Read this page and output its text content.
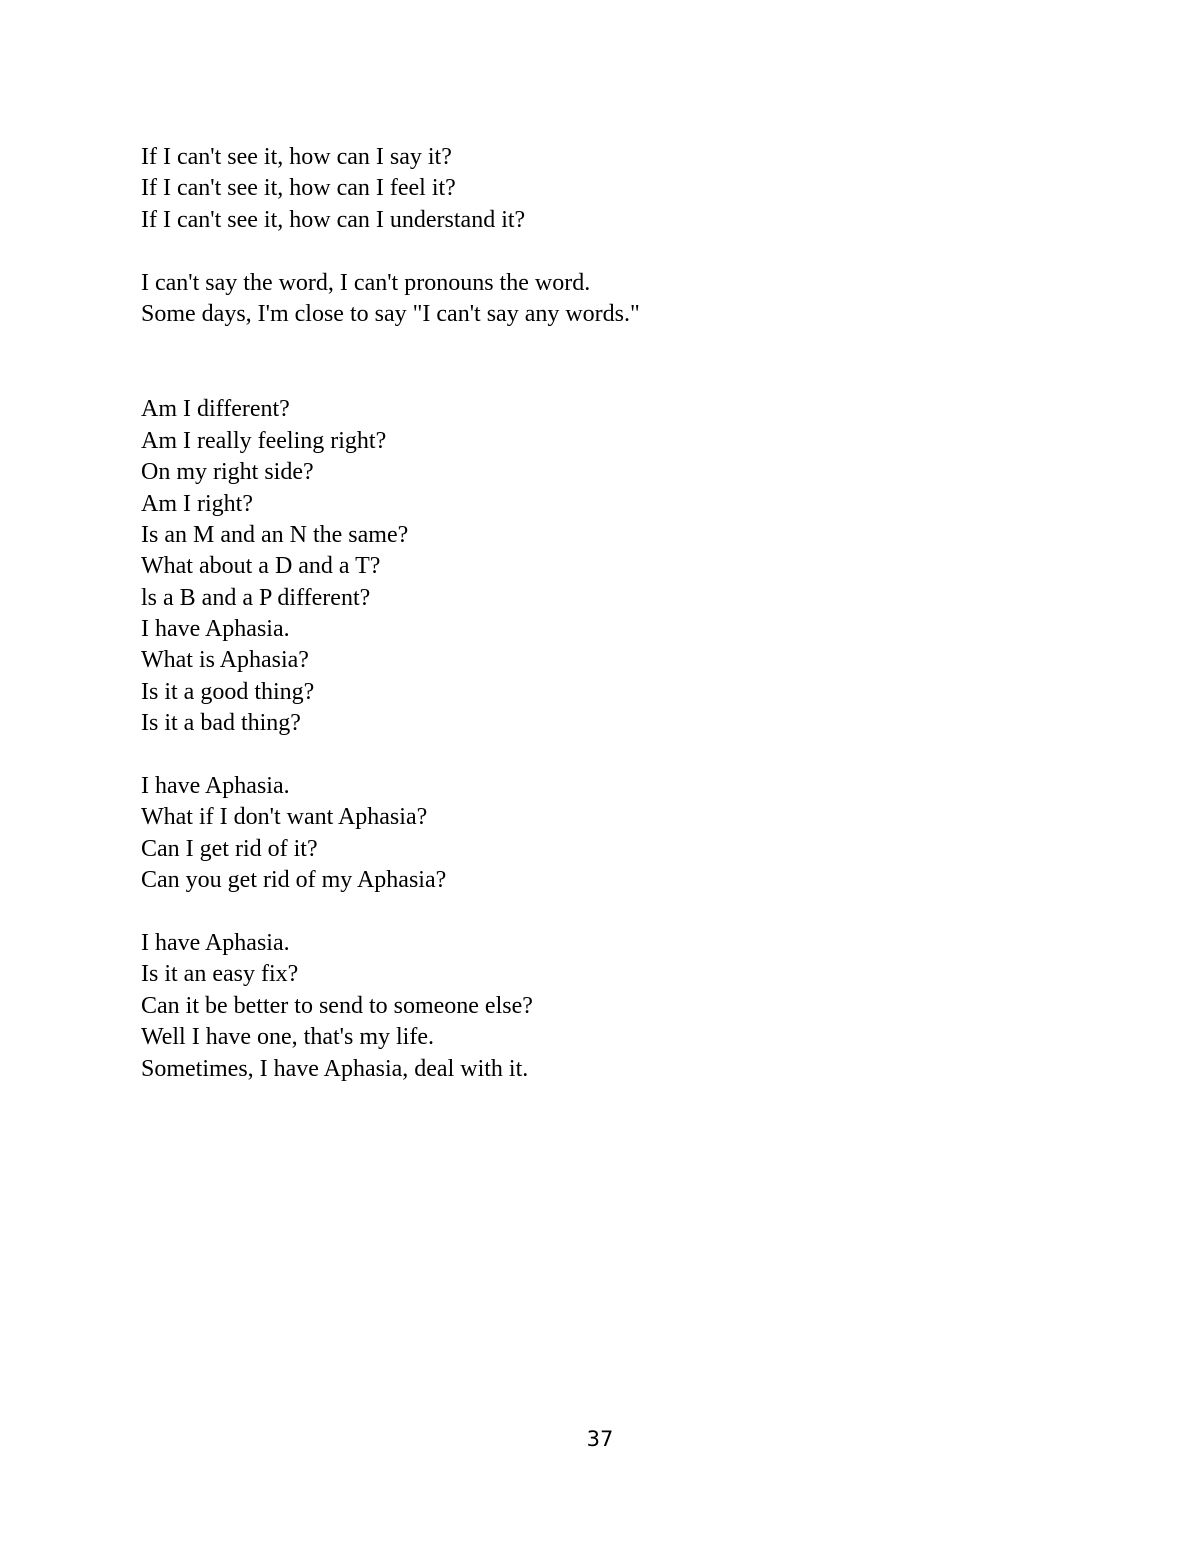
If I can't see it, how can I say it?
If I can't see it, how can I feel it?
If I can't see it, how can I understand it?
I can't say the word, I can't pronouns the word.
Some days, I'm close to say "I can't say any words."
Am I different?
Am I really feeling right?
On my right side?
Am I right?
Is an M and an N the same?
What about a D and a T?
ls a B and a P different?
I have Aphasia.
What is Aphasia?
Is it a good thing?
Is it a bad thing?
I have Aphasia.
What if I don't want Aphasia?
Can I get rid of it?
Can you get rid of my Aphasia?
I have Aphasia.
Is it an easy fix?
Can it be better to send to someone else?
Well I have one, that's my life.
Sometimes, I have Aphasia, deal with it.
37
